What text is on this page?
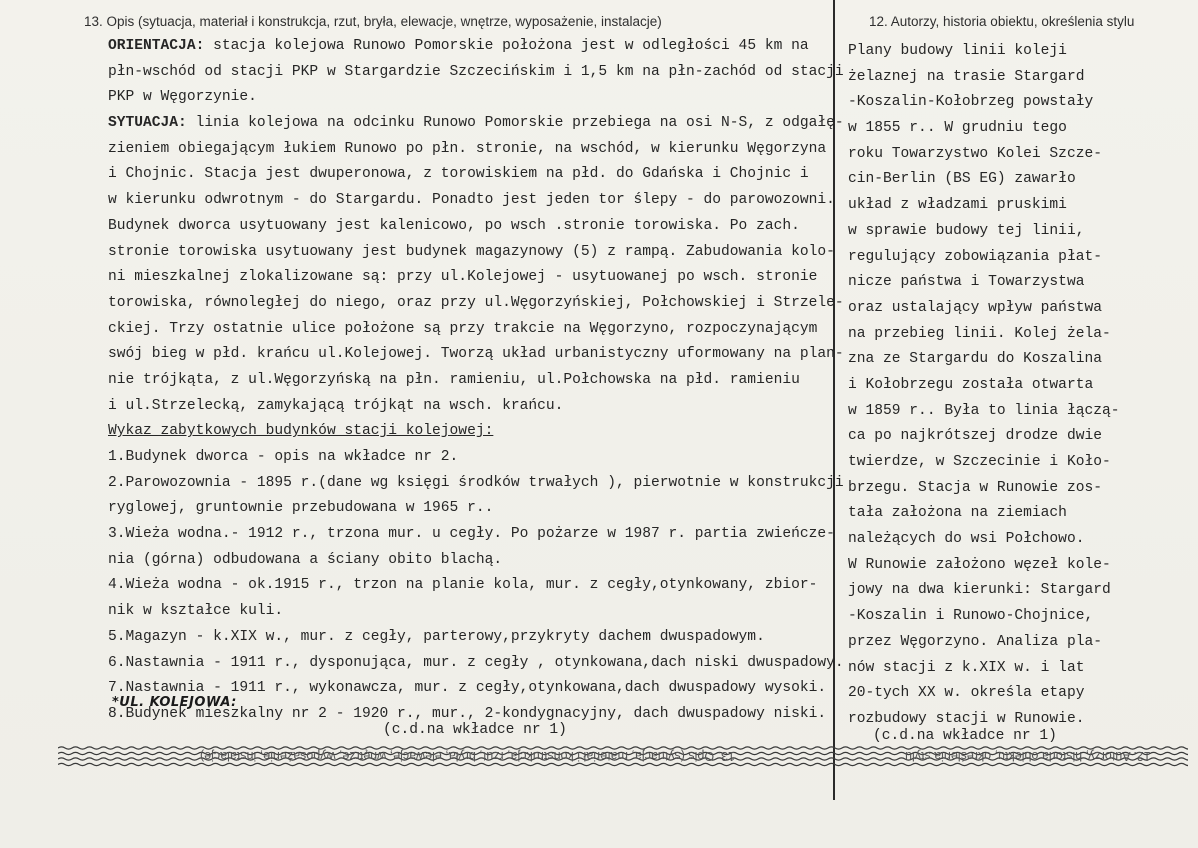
13. Opis (sytuacja, materiał i konstrukcja, rzut, bryła, elewacje, wnętrze, wyposażenie, instalacje)	12. Autorzy, historia obiektu, określenia stylu
ORIENTACJA: stacja kolejowa Runowo Pomorskie położona jest w odległości 45 km na
płn-wschód od stacji PKP w Stargardzie Szczecińskim i 1,5 km na płn-zachód od stacji
PKP w Węgorzynie.
SYTUACJA: linia kolejowa na odcinku Runowo Pomorskie przebiega na osi N-S, z odgałę-
zieniem obiegającym łukiem Runowo po płn. stronie, na wschód, w kierunku Węgorzyna
i Chojnic. Stacja jest dwuperonowa, z torowiskiem na płd. do Gdańska i Chojnic i
w kierunku odwrotnym - do Stargardu. Ponadto jest jeden tor ślepy - do parowozowni.
Budynek dworca usytuowany jest kalenicowo, po wsch .stronie torowiska. Po zach.
stronie torowiska usytuowany jest budynek magazynowy (5) z rampą. Zabudowania kolo-
ni mieszkalnej zlokalizowane są: przy ul.Kolejowej - usytuowanej po wsch. stronie
torowiska, równoległej do niego, oraz przy ul.Węgorzyńskiej, Połchowskiej i Strzele-
ckiej. Trzy ostatnie ulice położone są przy trakcie na Węgorzyno, rozpoczynającym
swój bieg w płd. krańcu ul.Kolejowej. Tworzą układ urbanistyczny uformowany na plan-
nie trójkąta, z ul.Węgorzyńską na płn. ramieniu, ul.Połchowska na płd. ramieniu
i ul.Strzelecką, zamykającą trójkąt na wsch. krańcu.
Wykaz zabytkowych budynków stacji kolejowej:
1.Budynek dworca - opis na wkładce nr 2.
2.Parowozownia - 1895 r.(dane wg księgi środków trwałych ), pierwotnie w konstrukcji
ryglowej, gruntownie przebudowana w 1965 r..
3.Wieża wodna.- 1912 r., trzona mur. u cegły. Po pożarze w 1987 r. partia zwieńcze-
nia (górna) odbudowana a ściany obito blachą.
4.Wieża wodna - ok.1915 r., trzon na planie kola, mur. z cegły,otynkowany, zbior-
nik w kształce kuli.
5.Magazyn - k.XIX w., mur. z cegły, parterowy,przykryty dachem dwuspadowym.
6.Nastawnia - 1911 r., dysponująca, mur. z cegły , otynkowana,dach niski dwuspadowy.
7.Nastawnia - 1911 r., wykonawcza, mur. z cegły,otynkowana,dach dwuspadowy wysoki.
8.Budynek mieszkalny nr 2 - 1920 r., mur., 2-kondygnacyjny, dach dwuspadowy niski.
*UL. KOLEJOWA:
(c.d.na wkładce nr 1)
Plany budowy linii koleji
żelaznej na trasie Stargard
-Koszalin-Kołobrzeg powstały
w 1855 r.. W grudniu tego
roku Towarzystwo Kolei Szcze-
cin-Berlin (BS EG) zawarło
układ z władzami pruskimi
w sprawie budowy tej linii,
regulujący zobowiązania płat-
nicze państwa i Towarzystwa
oraz ustalający wpływ państwa
na przebieg linii. Kolej żela-
zna ze Stargardu do Koszalina
i Kołobrzegu została otwarta
w 1859 r.. Była to linia łączą-
ca po najkrótszej drodze dwie
twierdze, w Szczecinie i Koło-
brzegu. Stacja w Runowie zos-
tała założona na ziemiach
należących do wsi Połchowo.
W Runowie założono węzeł kole-
jowy na dwa kierunki: Stargard
-Koszalin i Runowo-Chojnice,
przez Węgorzyno. Analiza pla-
nów stacji z k.XIX w. i lat
20-tych XX w. określa etapy
rozbudowy stacji w Runowie.
(c.d.na wkładce nr 1)
13. Opis (sytuacja, materiał i konstrukcja, rzut, bryła, elewacje, wnętrze, wyposażenie, instalacje)	12. Autorzy, historia obiektu, określenia stylu
